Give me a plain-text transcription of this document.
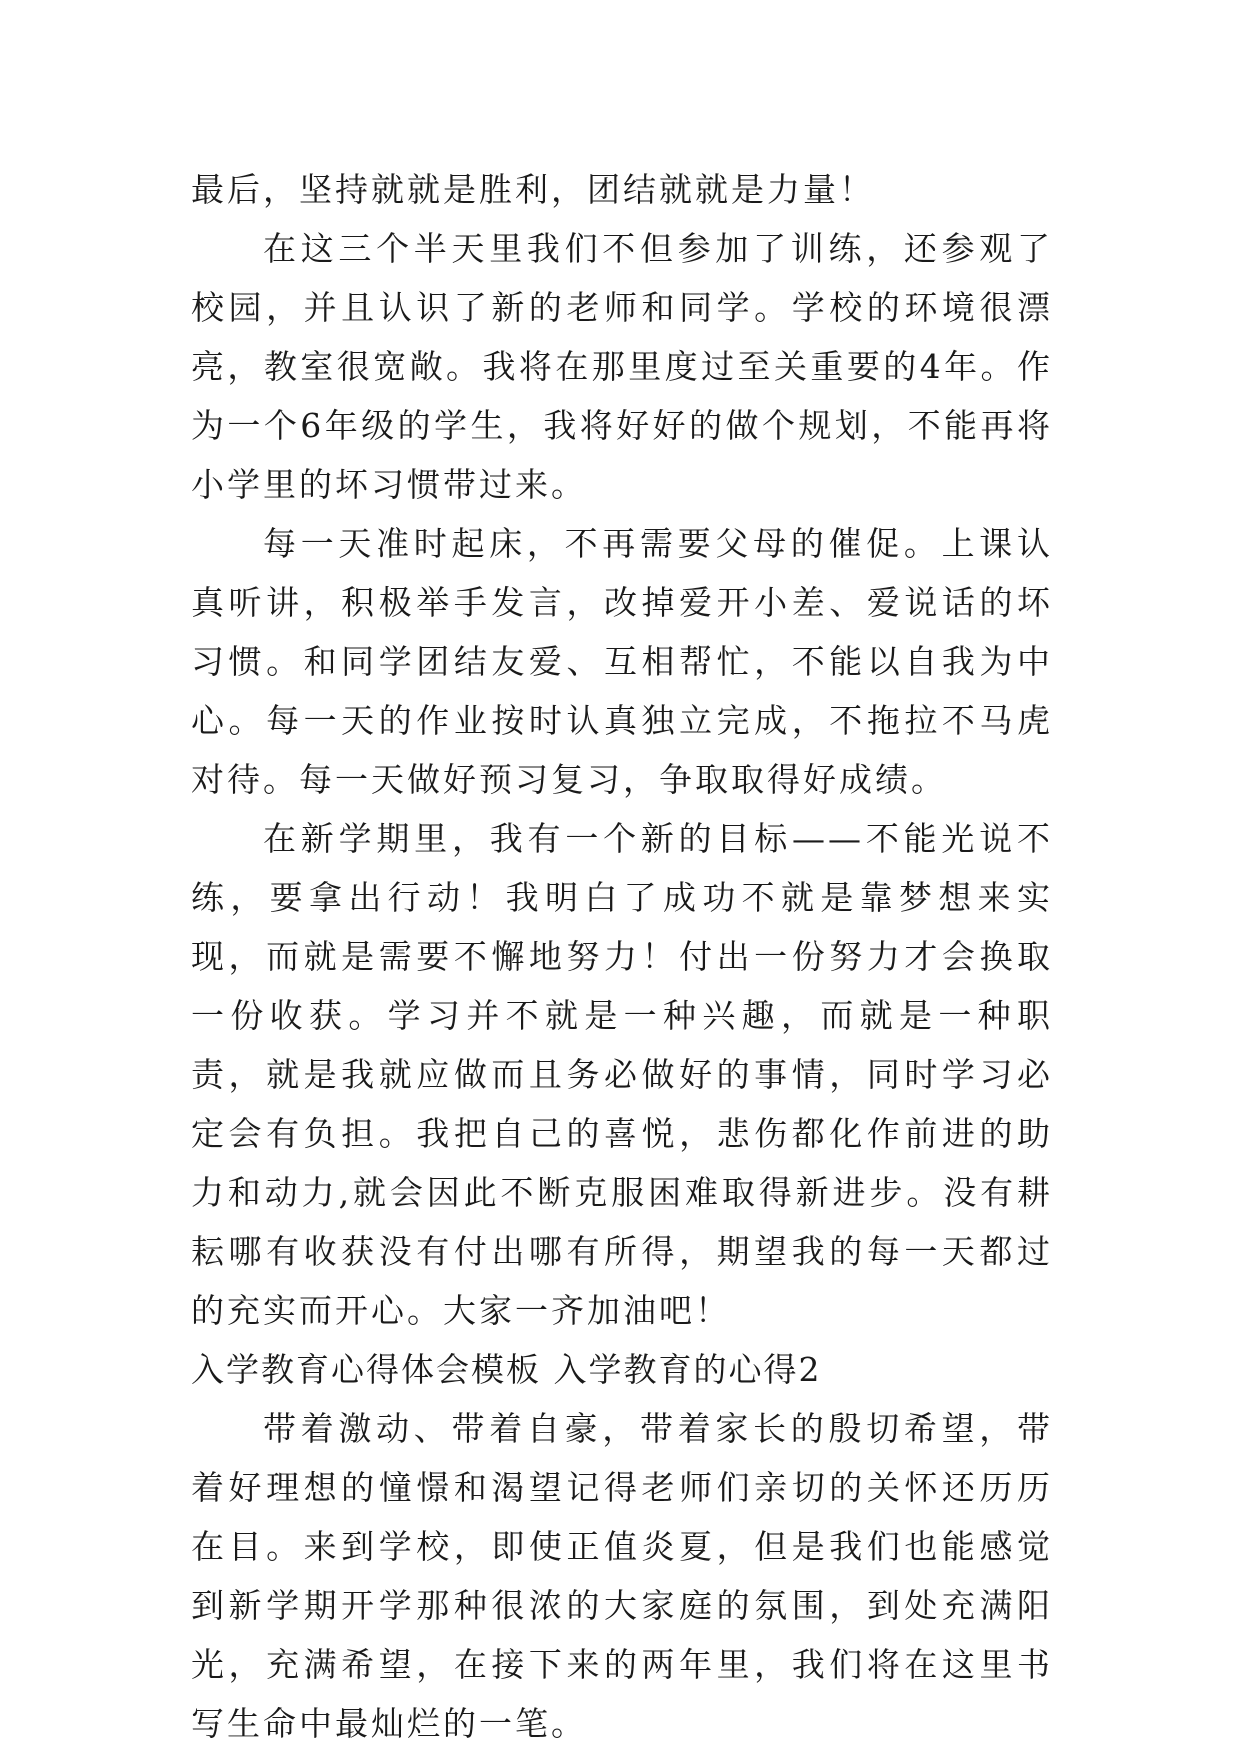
最后，坚持就就是胜利，团结就就是力量！

在这三个半天里我们不但参加了训练，还参观了校园，并且认识了新的老师和同学。学校的环境很漂亮，教室很宽敞。我将在那里度过至关重要的4年。作为一个6年级的学生，我将好好的做个规划，不能再将小学里的坏习惯带过来。

每一天准时起床，不再需要父母的催促。上课认真听讲，积极举手发言，改掉爱开小差、爱说话的坏习惯。和同学团结友爱、互相帮忙，不能以自我为中心。每一天的作业按时认真独立完成，不拖拉不马虎对待。每一天做好预习复习，争取取得好成绩。

在新学期里，我有一个新的目标——不能光说不练，要拿出行动！我明白了成功不就是靠梦想来实现，而就是需要不懈地努力！付出一份努力才会换取一份收获。学习并不就是一种兴趣，而就是一种职责，就是我就应做而且务必做好的事情，同时学习必定会有负担。我把自己的喜悦，悲伤都化作前进的助力和动力,就会因此不断克服困难取得新进步。没有耕耘哪有收获没有付出哪有所得，期望我的每一天都过的充实而开心。大家一齐加油吧！

入学教育心得体会模板 入学教育的心得2

带着激动、带着自豪，带着家长的殷切希望，带着好理想的憧憬和渴望记得老师们亲切的关怀还历历在目。来到学校，即使正值炎夏，但是我们也能感觉到新学期开学那种很浓的大家庭的氛围，到处充满阳光，充满希望，在接下来的两年里，我们将在这里书写生命中最灿烂的一笔。
